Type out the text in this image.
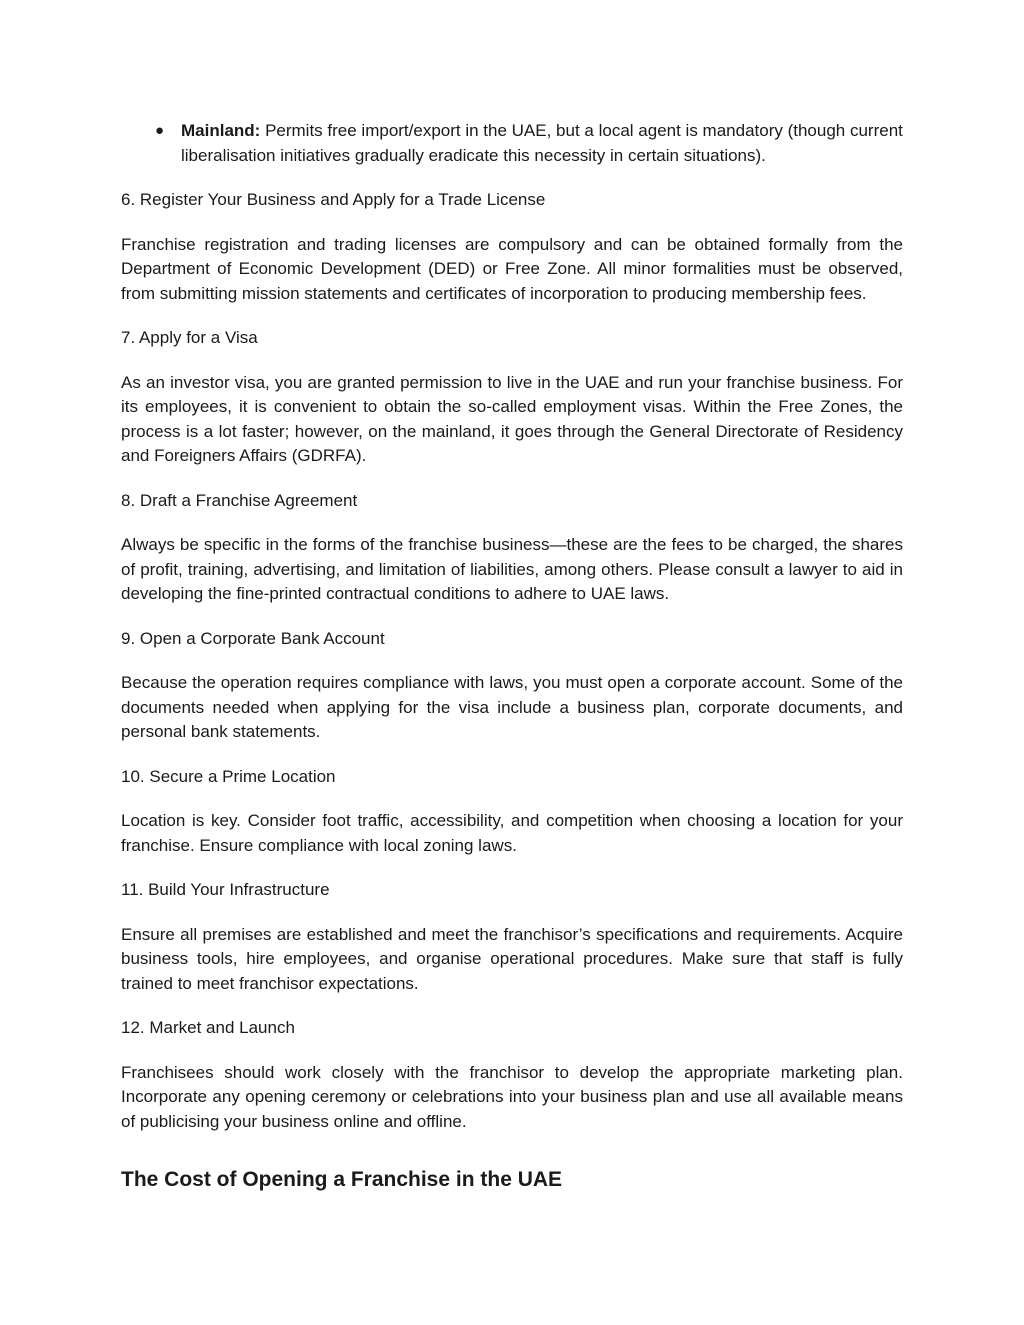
● Mainland: Permits free import/export in the UAE, but a local agent is mandatory (though current liberalisation initiatives gradually eradicate this necessity in certain situations).
6. Register Your Business and Apply for a Trade License

Franchise registration and trading licenses are compulsory and can be obtained formally from the Department of Economic Development (DED) or Free Zone. All minor formalities must be observed, from submitting mission statements and certificates of incorporation to producing membership fees.

7. Apply for a Visa

As an investor visa, you are granted permission to live in the UAE and run your franchise business. For its employees, it is convenient to obtain the so-called employment visas. Within the Free Zones, the process is a lot faster; however, on the mainland, it goes through the General Directorate of Residency and Foreigners Affairs (GDRFA).

8. Draft a Franchise Agreement

Always be specific in the forms of the franchise business—these are the fees to be charged, the shares of profit, training, advertising, and limitation of liabilities, among others. Please consult a lawyer to aid in developing the fine-printed contractual conditions to adhere to UAE laws.

9. Open a Corporate Bank Account

Because the operation requires compliance with laws, you must open a corporate account. Some of the documents needed when applying for the visa include a business plan, corporate documents, and personal bank statements.

10. Secure a Prime Location

Location is key. Consider foot traffic, accessibility, and competition when choosing a location for your franchise. Ensure compliance with local zoning laws.

11. Build Your Infrastructure

Ensure all premises are established and meet the franchisor’s specifications and requirements. Acquire business tools, hire employees, and organise operational procedures. Make sure that staff is fully trained to meet franchisor expectations.

12. Market and Launch

Franchisees should work closely with the franchisor to develop the appropriate marketing plan. Incorporate any opening ceremony or celebrations into your business plan and use all available means of publicising your business online and offline.

The Cost of Opening a Franchise in the UAE
